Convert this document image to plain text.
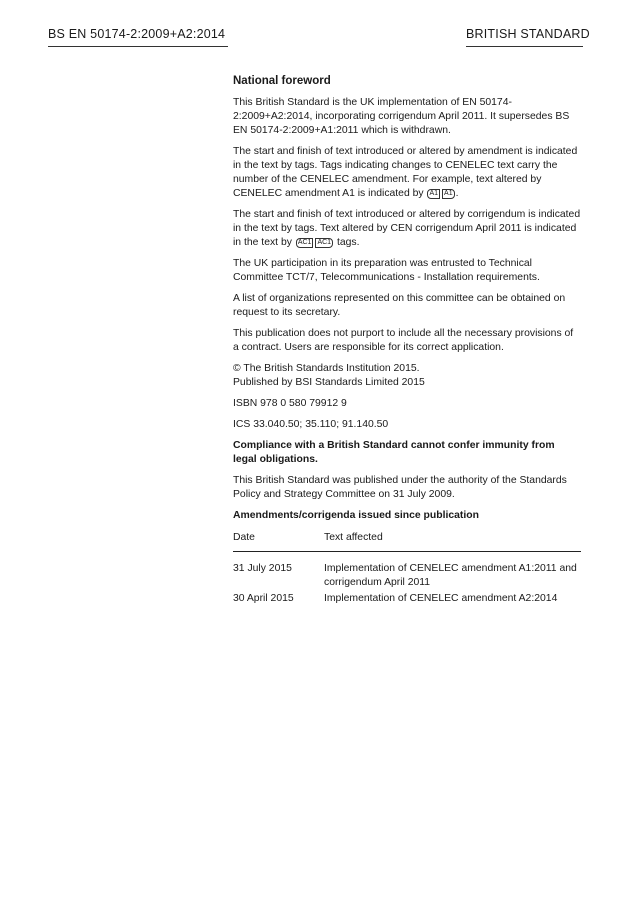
BS EN 50174-2:2009+A2:2014	BRITISH STANDARD
National foreword

This British Standard is the UK implementation of EN 50174-2:2009+A2:2014, incorporating corrigendum April 2011. It supersedes BS EN 50174-2:2009+A1:2011 which is withdrawn.

The start and finish of text introduced or altered by amendment is indicated in the text by tags. Tags indicating changes to CENELEC text carry the number of the CENELEC amendment. For example, text altered by CENELEC amendment A1 is indicated by A1 A1 .

The start and finish of text introduced or altered by corrigendum is indicated in the text by tags. Text altered by CEN corrigendum April 2011 is indicated in the text by AC1 AC1 tags.

The UK participation in its preparation was entrusted to Technical Committee TCT/7, Telecommunications - Installation requirements.

A list of organizations represented on this committee can be obtained on request to its secretary.

This publication does not purport to include all the necessary provisions of a contract. Users are responsible for its correct application.

© The British Standards Institution 2015.
Published by BSI Standards Limited 2015

ISBN 978 0 580 79912 9

ICS 33.040.50; 35.110; 91.140.50

Compliance with a British Standard cannot confer immunity from legal obligations.

This British Standard was published under the authority of the Standards Policy and Strategy Committee on 31 July 2009.

Amendments/corrigenda issued since publication
Date	Text affected
31 July 2015	Implementation of CENELEC amendment A1:2011 and corrigendum April 2011
30 April 2015	Implementation of CENELEC amendment A2:2014
